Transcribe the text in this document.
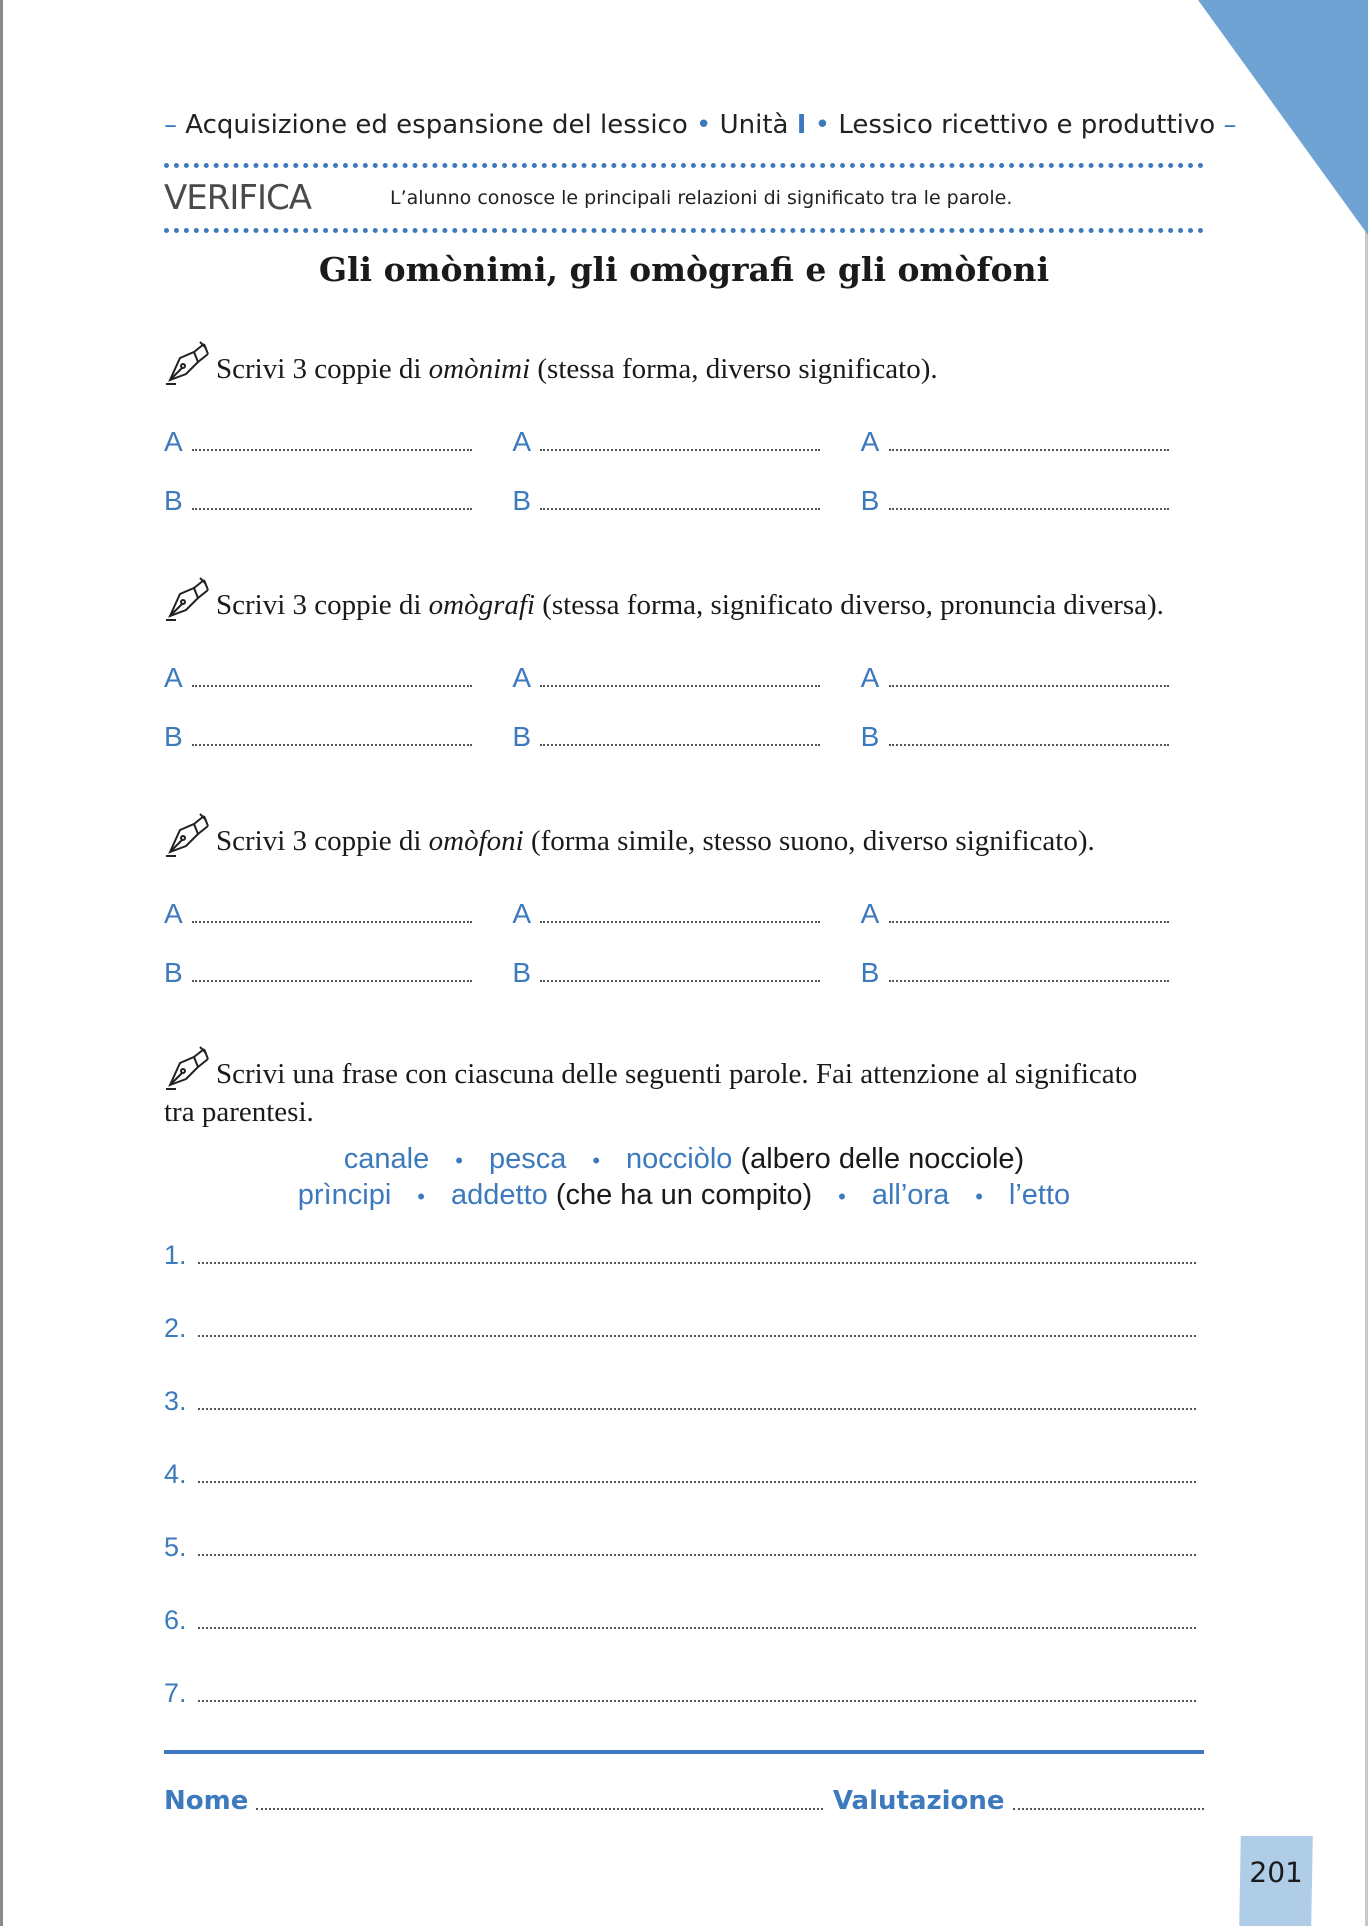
– Acquisizione ed espansione del lessico • Unità I • Lessico ricettivo e produttivo –
VERIFICA	L’alunno conosce le principali relazioni di significato tra le parole.
Gli omònimi, gli omògrafi e gli omòfoni
Scrivi 3 coppie di omònimi (stessa forma, diverso significato).
A	A	A
B	B	B
Scrivi 3 coppie di omògrafi (stessa forma, significato diverso, pronuncia diversa).
A	A	A
B	B	B
Scrivi 3 coppie di omòfoni (forma simile, stesso suono, diverso significato).
A	A	A
B	B	B
Scrivi una frase con ciascuna delle seguenti parole. Fai attenzione al significato
tra parentesi.
canale • pesca • nocciòlo (albero delle nocciole)
prìncipi • addetto (che ha un compito) • all’ora • l’etto
1.
2.
3.
4.
5.
6.
7.
Nome	Valutazione
201
